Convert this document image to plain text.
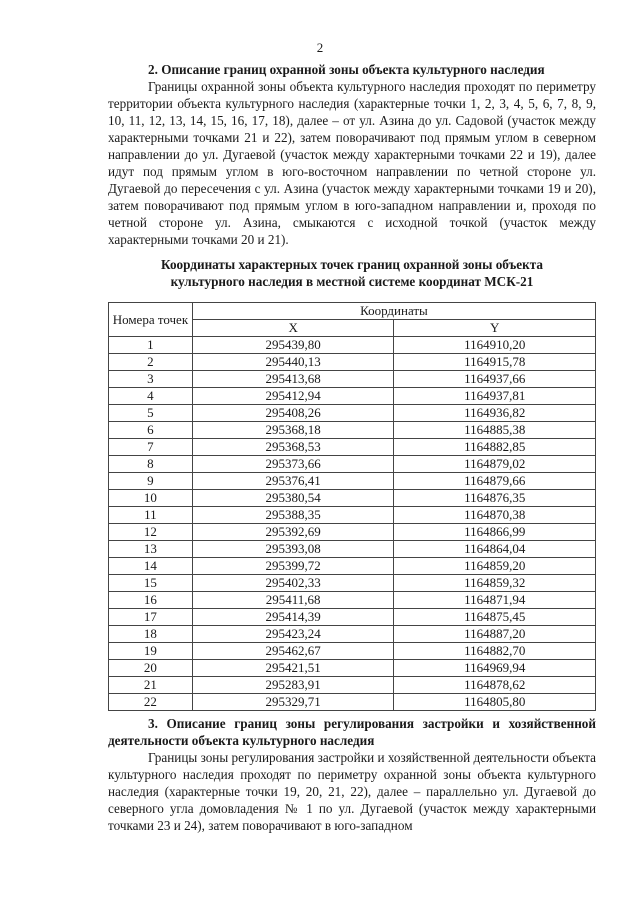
2

2. Описание границ охранной зоны объекта культурного наследия

Границы охранной зоны объекта культурного наследия проходят по периметру территории объекта культурного наследия (характерные точки 1, 2, 3, 4, 5, 6, 7, 8, 9, 10, 11, 12, 13, 14, 15, 16, 17, 18), далее – от ул. Азина до ул. Садовой (участок между характерными точками 21 и 22), затем поворачивают под прямым углом в северном направлении до ул. Дугаевой (участок между характерными точками 22 и 19), далее идут под прямым углом в юго-восточном направлении по четной стороне ул. Дугаевой до пересечения с ул. Азина (участок между характерными точками 19 и 20), затем поворачивают под прямым углом в юго-западном направлении и, проходя по четной стороне ул. Азина, смыкаются с исходной точкой (участок между характерными точками 20 и 21).

Координаты характерных точек границ охранной зоны объекта
культурного наследия в местной системе координат МСК-21
Номера точек	Координаты	
	X	Y
1	295439,80	1164910,20
2	295440,13	1164915,78
3	295413,68	1164937,66
4	295412,94	1164937,81
5	295408,26	1164936,82
6	295368,18	1164885,38
7	295368,53	1164882,85
8	295373,66	1164879,02
9	295376,41	1164879,66
10	295380,54	1164876,35
11	295388,35	1164870,38
12	295392,69	1164866,99
13	295393,08	1164864,04
14	295399,72	1164859,20
15	295402,33	1164859,32
16	295411,68	1164871,94
17	295414,39	1164875,45
18	295423,24	1164887,20
19	295462,67	1164882,70
20	295421,51	1164969,94
21	295283,91	1164878,62
22	295329,71	1164805,80

3. Описание границ зоны регулирования застройки и хозяйственной деятельности объекта культурного наследия

Границы зоны регулирования застройки и хозяйственной деятельности объекта культурного наследия проходят по периметру охранной зоны объекта культурного наследия (характерные точки 19, 20, 21, 22), далее – параллельно ул. Дугаевой до северного угла домовладения № 1 по ул. Дугаевой (участок между характерными точками 23 и 24), затем поворачивают в юго-западном
